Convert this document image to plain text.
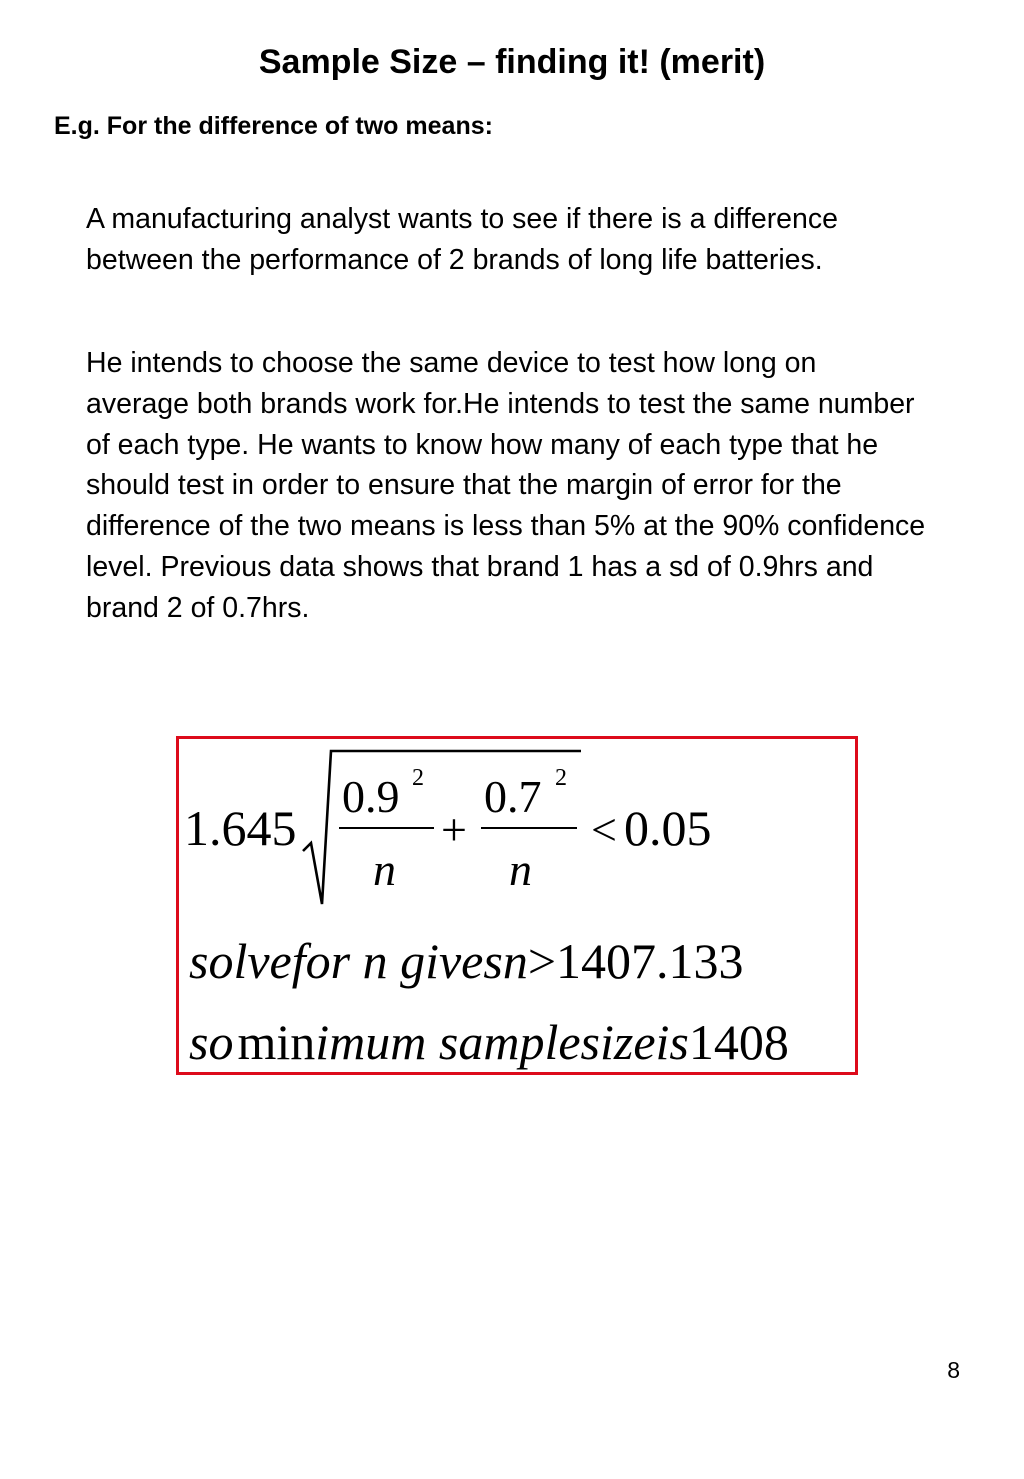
Sample Size – finding it! (merit)
E.g. For the difference of two means:

A manufacturing analyst wants to see if there is a difference between the performance of 2 brands of long life batteries.

He intends to choose the same device to test how long on average both brands work for.He intends to test the same number of each type. He wants to know how many of each type that he should test in order to ensure that the margin of error for the difference of the two means is less than 5% at the 90% confidence level. Previous data shows that brand 1 has a sd of 0.9hrs and brand 2 of 0.7hrs.

1.645
0.9 2
n
+
0.7 2
n
< 0.05
solvefor n givesn>1407.133
sominimum samplesizeis1408
8
